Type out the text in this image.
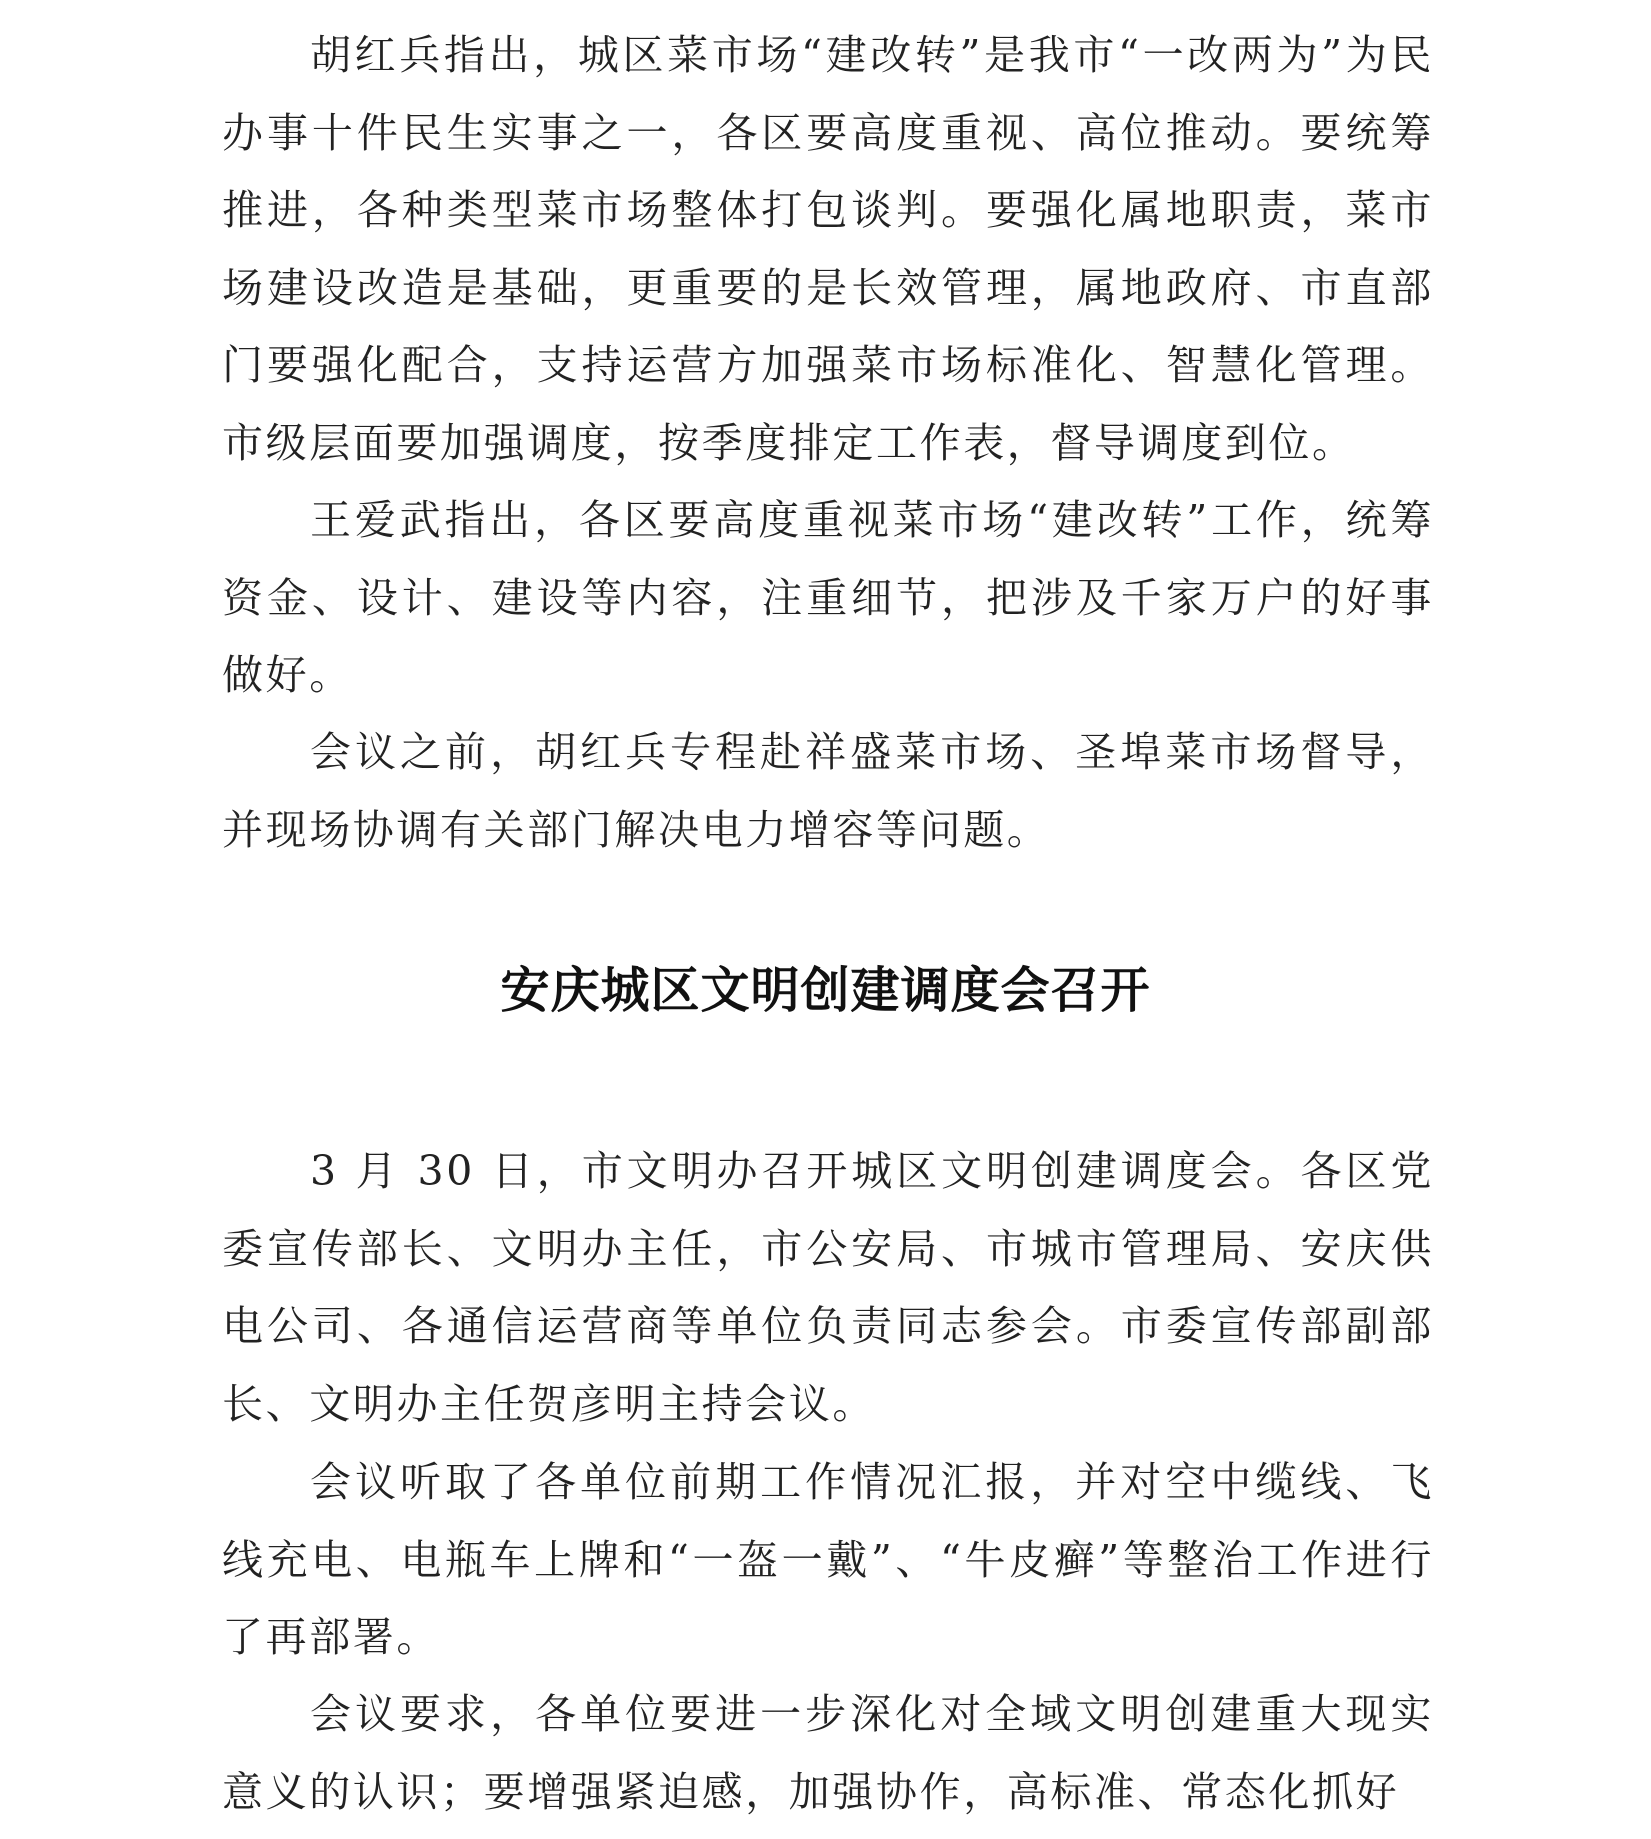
胡红兵指出，城区菜市场“建改转”是我市“一改两为”为民办事十件民生实事之一，各区要高度重视、高位推动。要统筹推进，各种类型菜市场整体打包谈判。要强化属地职责，菜市场建设改造是基础，更重要的是长效管理，属地政府、市直部门要强化配合，支持运营方加强菜市场标准化、智慧化管理。市级层面要加强调度，按季度排定工作表，督导调度到位。

王爱武指出，各区要高度重视菜市场“建改转”工作，统筹资金、设计、建设等内容，注重细节，把涉及千家万户的好事做好。

会议之前，胡红兵专程赴祥盛菜市场、圣埠菜市场督导，并现场协调有关部门解决电力增容等问题。

安庆城区文明创建调度会召开

3 月 30 日，市文明办召开城区文明创建调度会。各区党委宣传部长、文明办主任，市公安局、市城市管理局、安庆供电公司、各通信运营商等单位负责同志参会。市委宣传部副部长、文明办主任贺彦明主持会议。

会议听取了各单位前期工作情况汇报，并对空中缆线、飞线充电、电瓶车上牌和“一盔一戴”、“牛皮癣”等整治工作进行了再部署。

会议要求，各单位要进一步深化对全域文明创建重大现实意义的认识；要增强紧迫感，加强协作，高标准、常态化抓好
